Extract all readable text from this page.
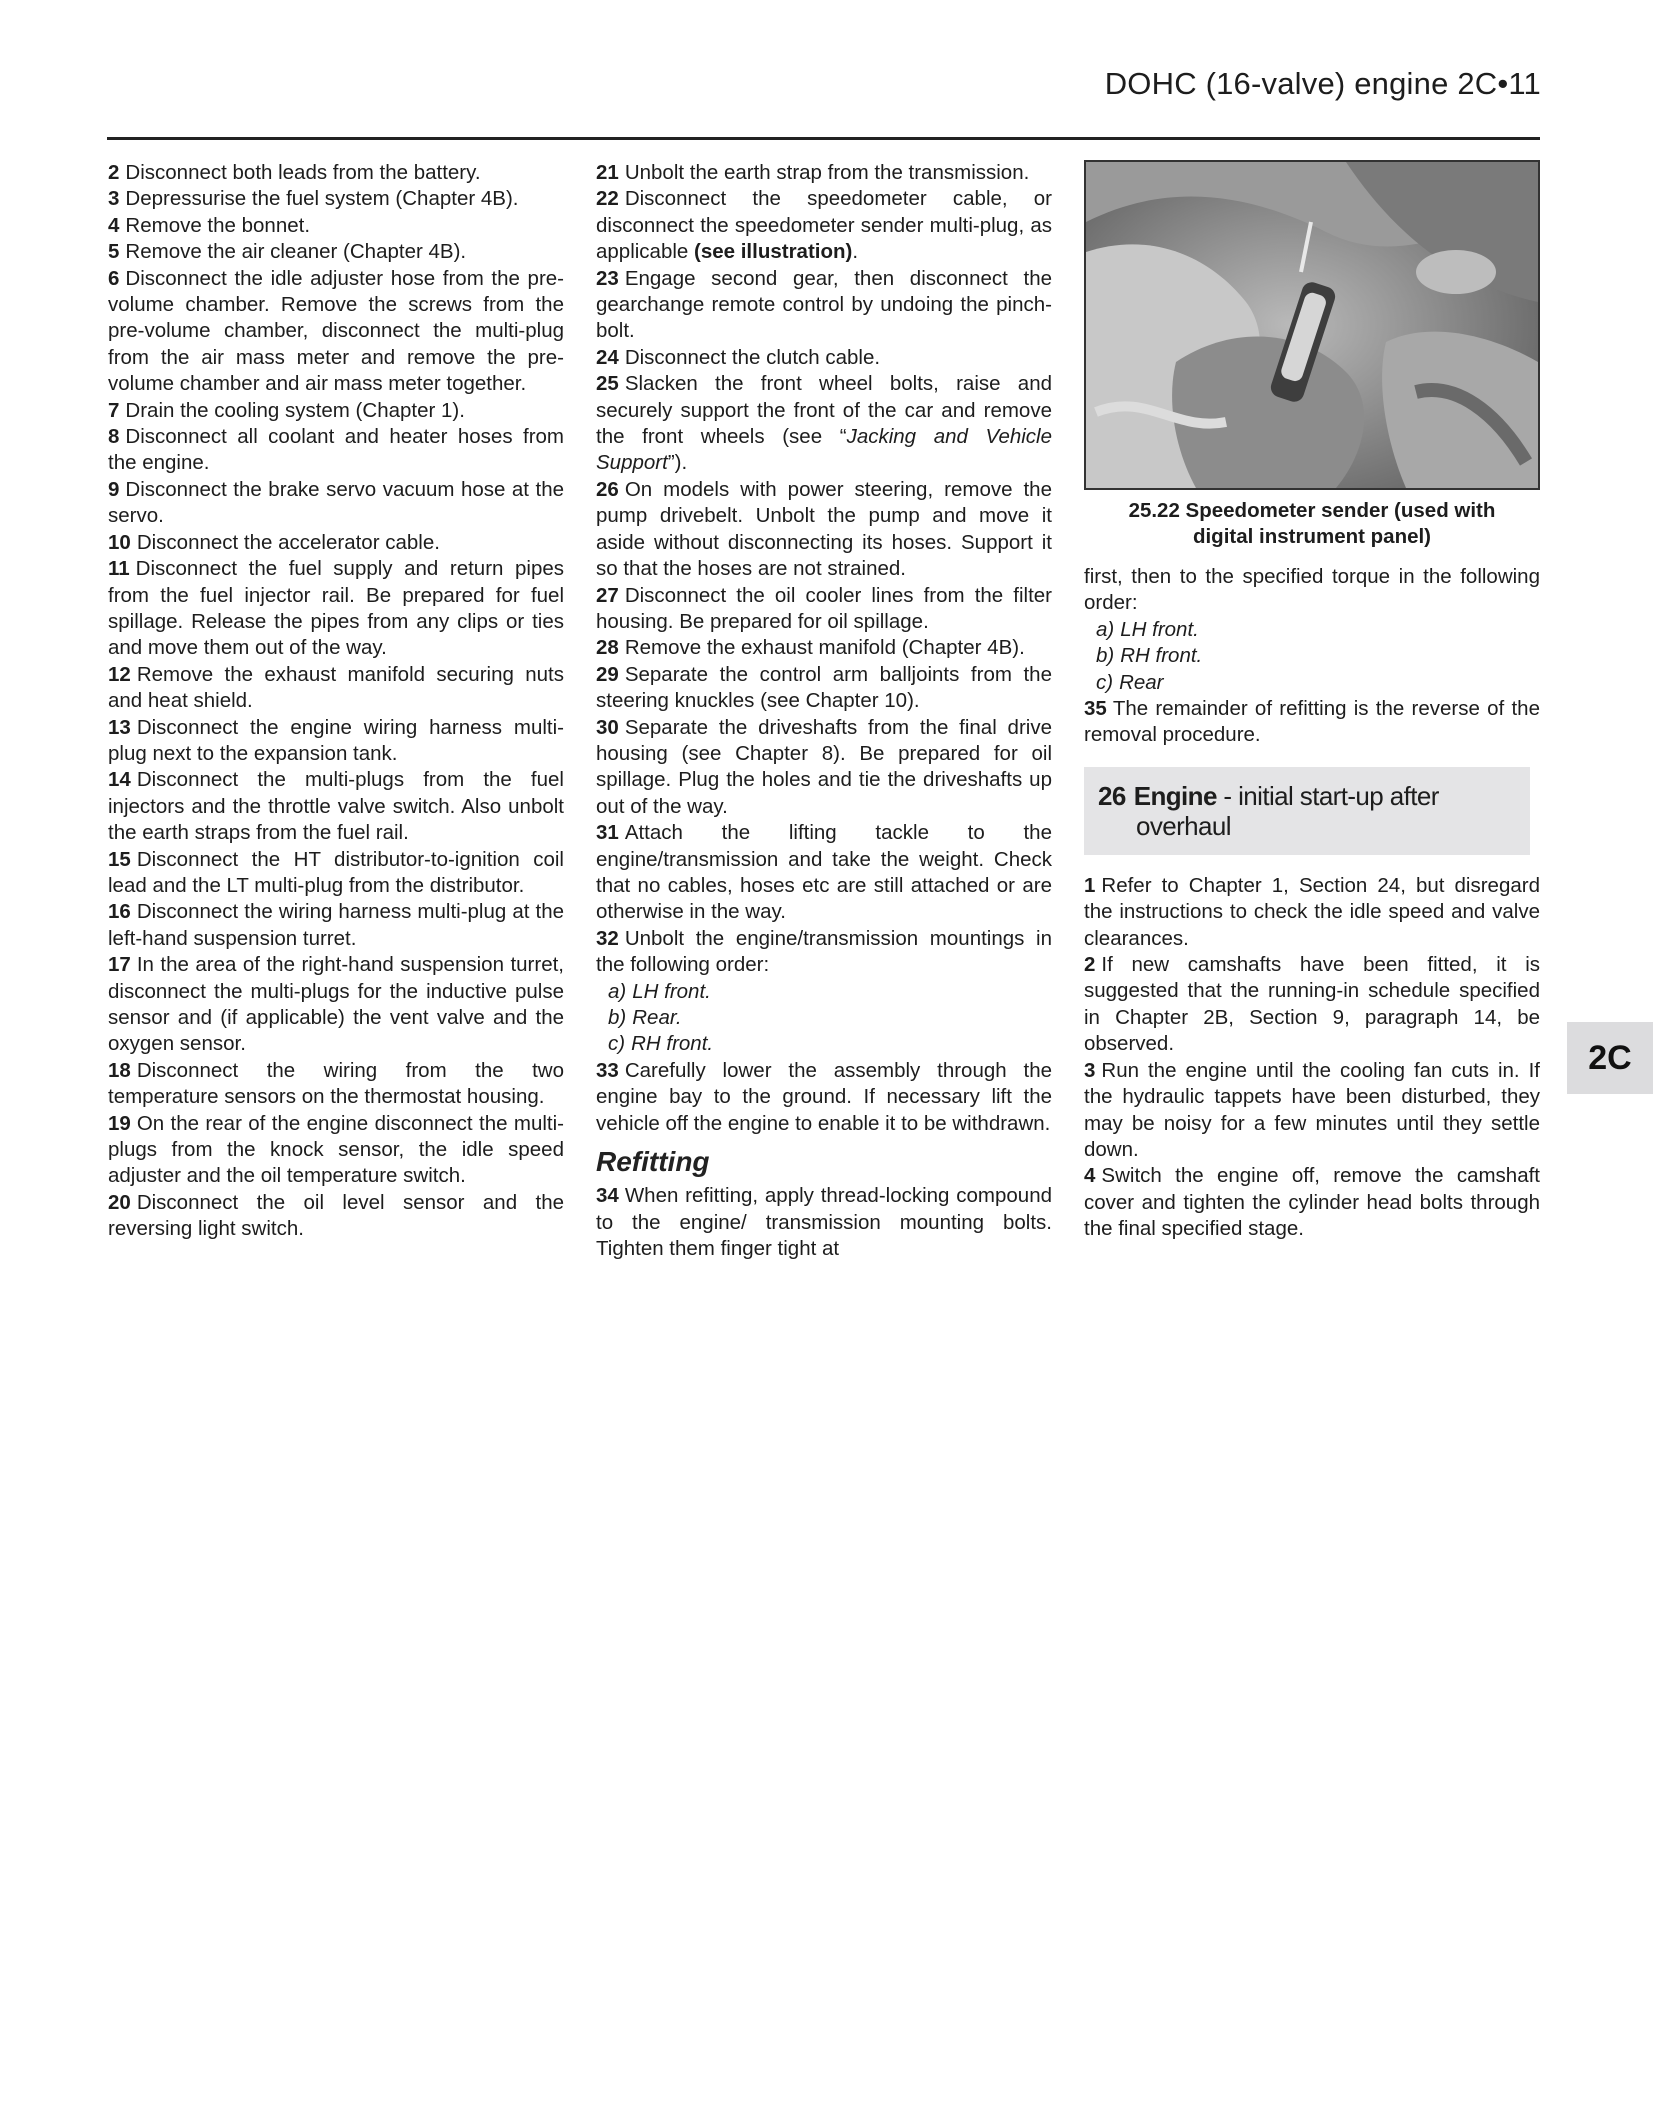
DOHC (16-valve) engine 2C•11

2 Disconnect both leads from the battery.

3 Depressurise the fuel system (Chapter 4B).

4 Remove the bonnet.

5 Remove the air cleaner (Chapter 4B).

6 Disconnect the idle adjuster hose from the pre-volume chamber. Remove the screws from the pre-volume chamber, disconnect the multi-plug from the air mass meter and remove the pre-volume chamber and air mass meter together.

7 Drain the cooling system (Chapter 1).

8 Disconnect all coolant and heater hoses from the engine.

9 Disconnect the brake servo vacuum hose at the servo.

10 Disconnect the accelerator cable.

11 Disconnect the fuel supply and return pipes from the fuel injector rail. Be prepared for fuel spillage. Release the pipes from any clips or ties and move them out of the way.

12 Remove the exhaust manifold securing nuts and heat shield.

13 Disconnect the engine wiring harness multi-plug next to the expansion tank.

14 Disconnect the multi-plugs from the fuel injectors and the throttle valve switch. Also unbolt the earth straps from the fuel rail.

15 Disconnect the HT distributor-to-ignition coil lead and the LT multi-plug from the distributor.

16 Disconnect the wiring harness multi-plug at the left-hand suspension turret.

17 In the area of the right-hand suspension turret, disconnect the multi-plugs for the inductive pulse sensor and (if applicable) the vent valve and the oxygen sensor.

18 Disconnect the wiring from the two temperature sensors on the thermostat housing.

19 On the rear of the engine disconnect the multi-plugs from the knock sensor, the idle speed adjuster and the oil temperature switch.

20 Disconnect the oil level sensor and the reversing light switch.

21 Unbolt the earth strap from the transmission.

22 Disconnect the speedometer cable, or disconnect the speedometer sender multi-plug, as applicable (see illustration).

23 Engage second gear, then disconnect the gearchange remote control by undoing the pinch-bolt.

24 Disconnect the clutch cable.

25 Slacken the front wheel bolts, raise and securely support the front of the car and remove the front wheels (see “Jacking and Vehicle Support”).

26 On models with power steering, remove the pump drivebelt. Unbolt the pump and move it aside without disconnecting its hoses. Support it so that the hoses are not strained.

27 Disconnect the oil cooler lines from the filter housing. Be prepared for oil spillage.

28 Remove the exhaust manifold (Chapter 4B).

29 Separate the control arm balljoints from the steering knuckles (see Chapter 10).

30 Separate the driveshafts from the final drive housing (see Chapter 8). Be prepared for oil spillage. Plug the holes and tie the driveshafts up out of the way.

31 Attach the lifting tackle to the engine/transmission and take the weight. Check that no cables, hoses etc are still attached or are otherwise in the way.

32 Unbolt the engine/transmission mountings in the following order:

a) LH front.
b) Rear.
c) RH front.

33 Carefully lower the assembly through the engine bay to the ground. If necessary lift the vehicle off the engine to enable it to be withdrawn.

Refitting

34 When refitting, apply thread-locking compound to the engine/ transmission mounting bolts. Tighten them finger tight at

25.22 Speedometer sender (used with
digital instrument panel)

first, then to the specified torque in the following order:

a) LH front.
b) RH front.
c) Rear

35 The remainder of refitting is the reverse of the removal procedure.

26 Engine - initial start-up after
overhaul

1 Refer to Chapter 1, Section 24, but disregard the instructions to check the idle speed and valve clearances.

2 If new camshafts have been fitted, it is suggested that the running-in schedule specified in Chapter 2B, Section 9, paragraph 14, be observed.

3 Run the engine until the cooling fan cuts in. If the hydraulic tappets have been disturbed, they may be noisy for a few minutes until they settle down.

4 Switch the engine off, remove the camshaft cover and tighten the cylinder head bolts through the final specified stage.

2C
